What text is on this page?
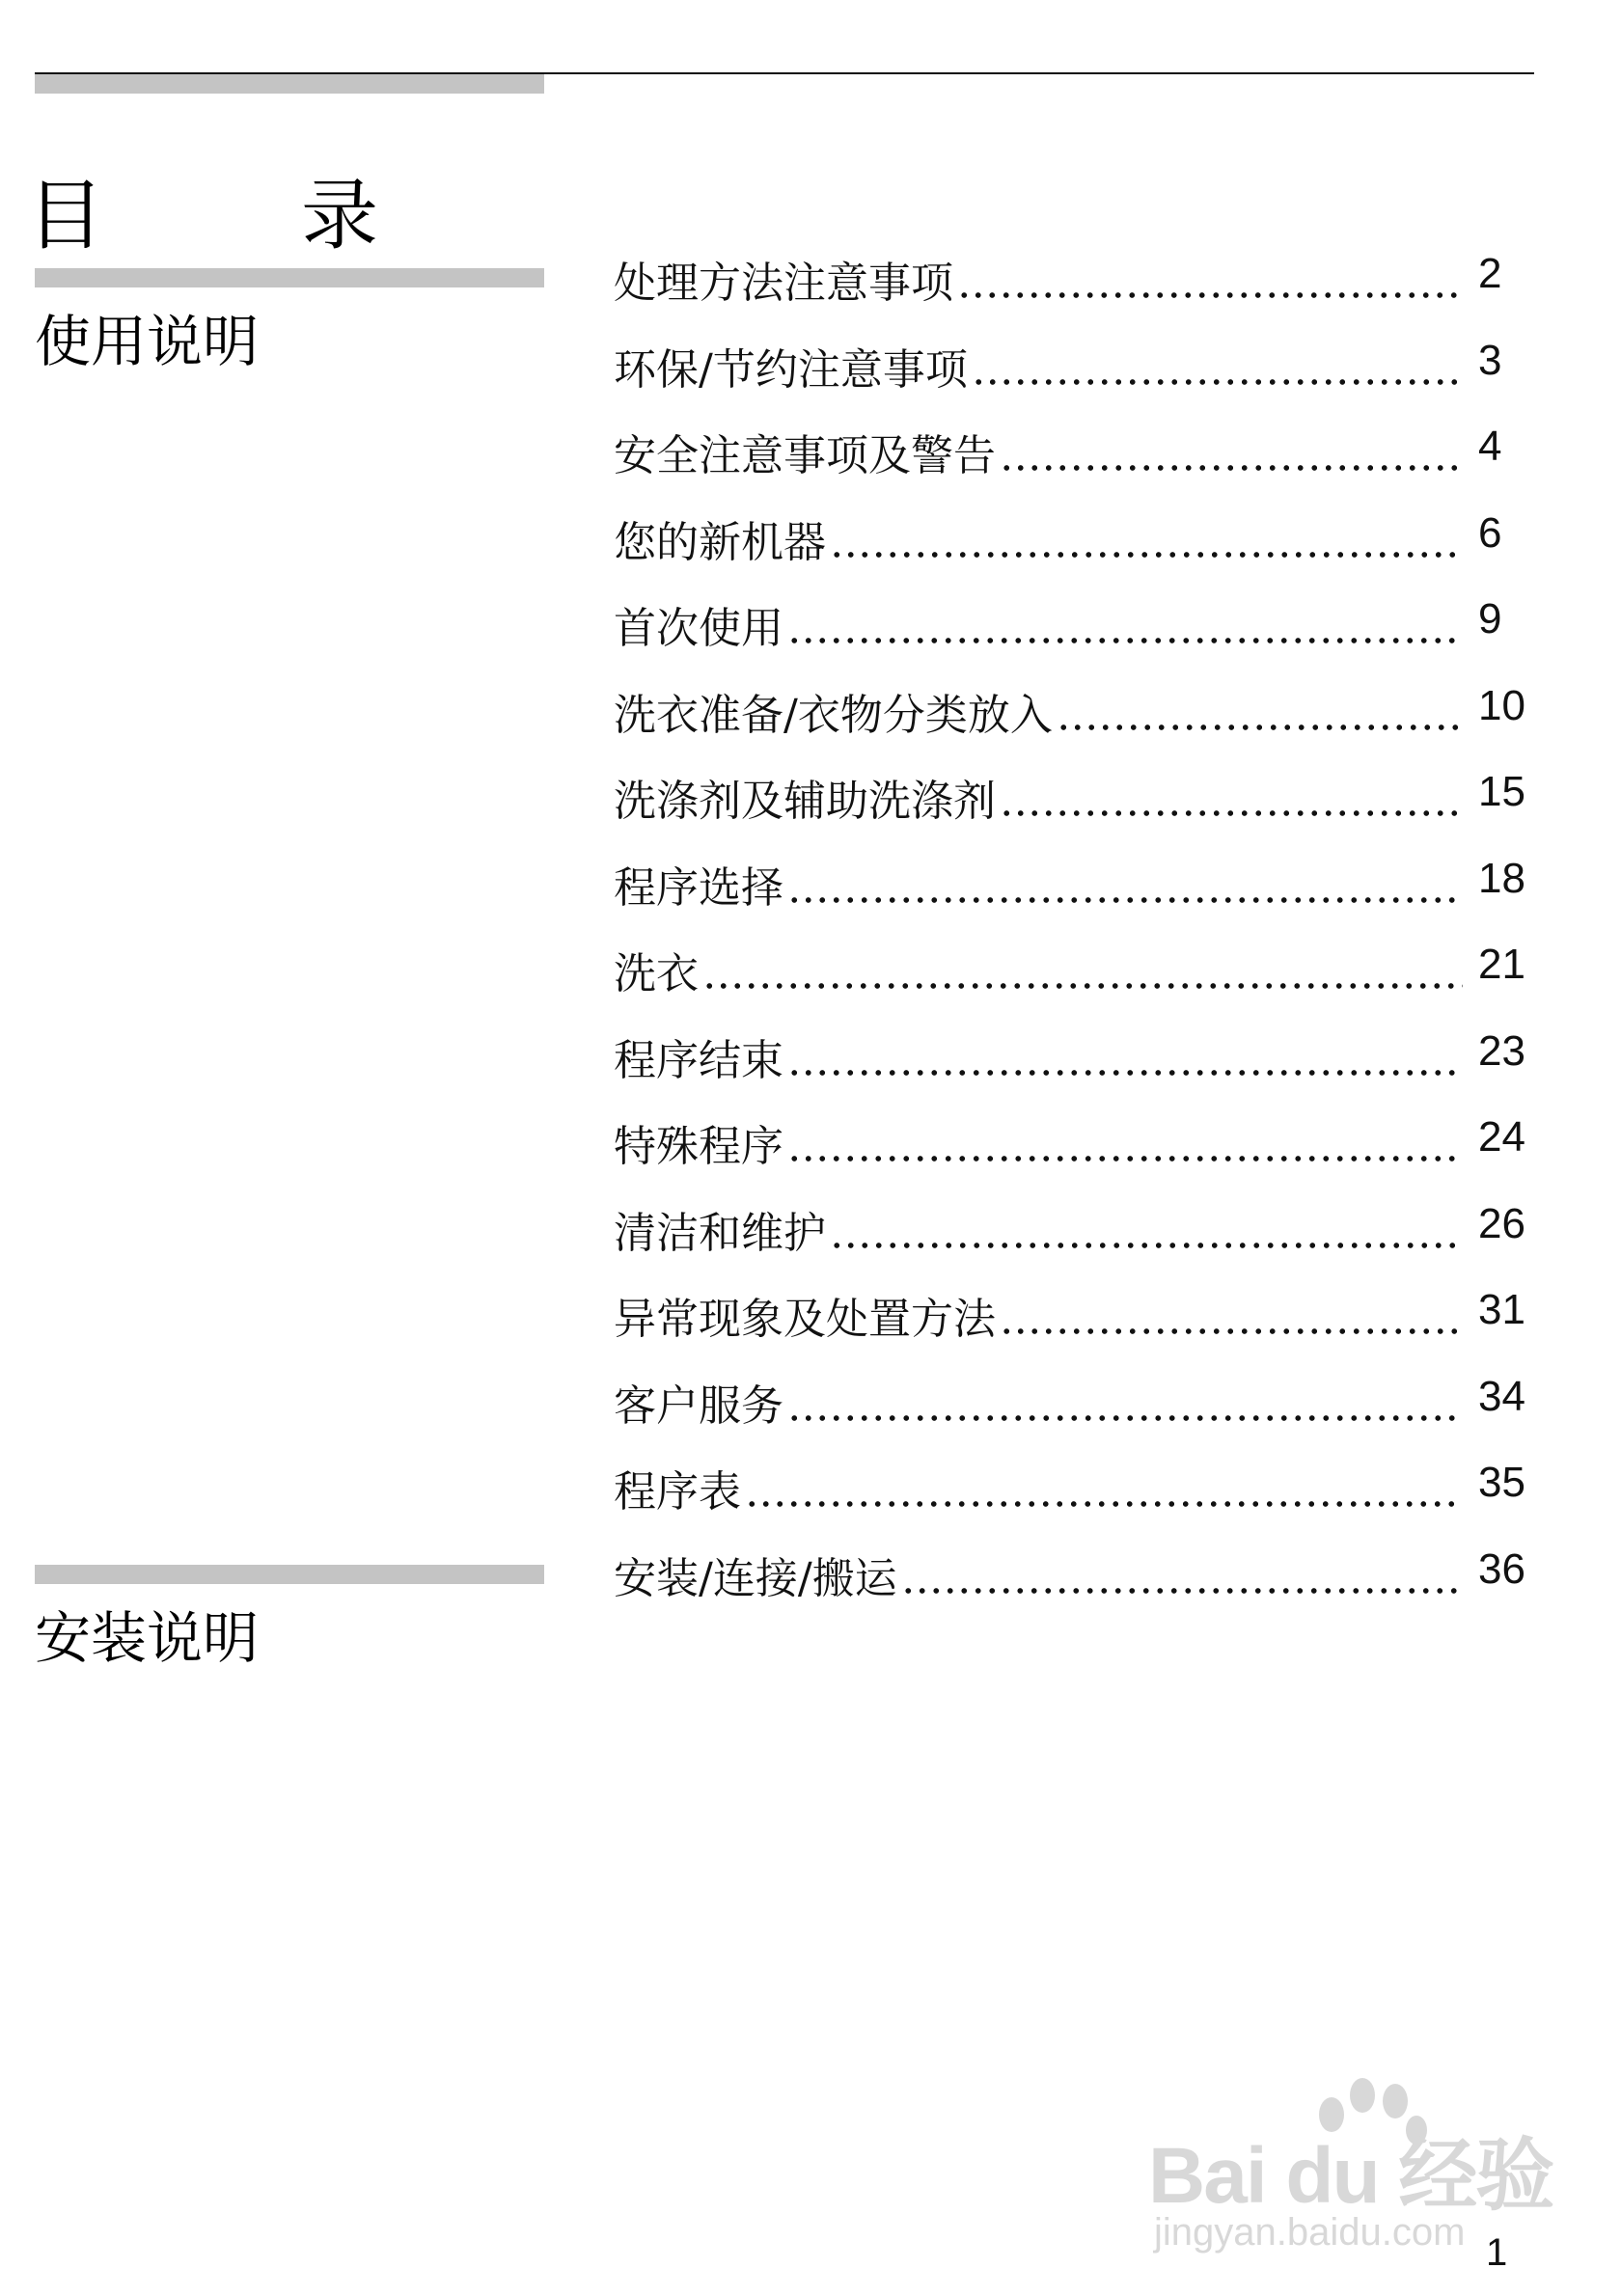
目　录
使用说明
安装说明
处理方法注意事项	2
环保/节约注意事项	3
安全注意事项及警告	4
您的新机器	6
首次使用	9
洗衣准备/衣物分类放入	10
洗涤剂及辅助洗涤剂	15
程序选择	18
洗衣	21
程序结束	23
特殊程序	24
清洁和维护	26
异常现象及处置方法	31
客户服务	34
程序表	35
安装/连接/搬运	36
Bai du 经验
jingyan.baidu.com 1
